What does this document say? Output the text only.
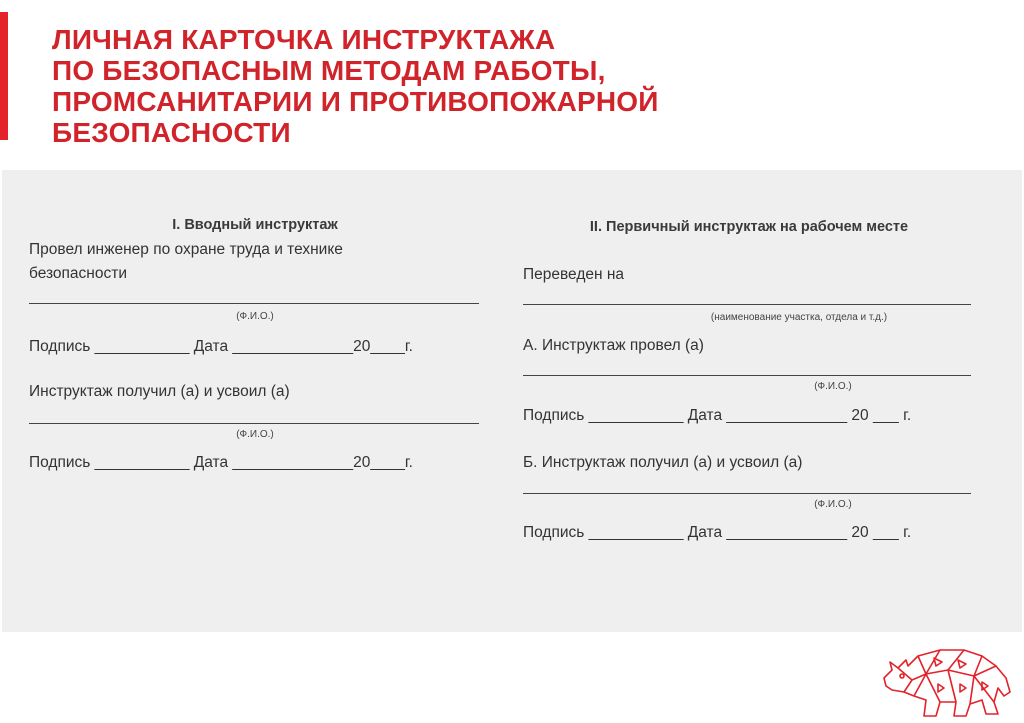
ЛИЧНАЯ КАРТОЧКА ИНСТРУКТАЖА
ПО БЕЗОПАСНЫМ МЕТОДАМ РАБОТЫ,
ПРОМСАНИТАРИИ И ПРОТИВОПОЖАРНОЙ
БЕЗОПАСНОСТИ
I. Вводный инструктаж
Провел инженер по охране труда и технике
безопасности
(Ф.И.О.)
Подпись ___________ Дата ______________20____г.
Инструктаж получил (а) и усвоил (а)
(Ф.И.О.)
Подпись ___________ Дата ______________20____г.
II. Первичный инструктаж на рабочем месте
Переведен на
(наименование участка, отдела и т.д.)
А. Инструктаж провел (а)
(Ф.И.О.)
Подпись ___________ Дата ______________ 20 ___ г.
Б. Инструктаж получил (а) и усвоил (а)
(Ф.И.О.)
Подпись ___________ Дата ______________ 20 ___ г.
